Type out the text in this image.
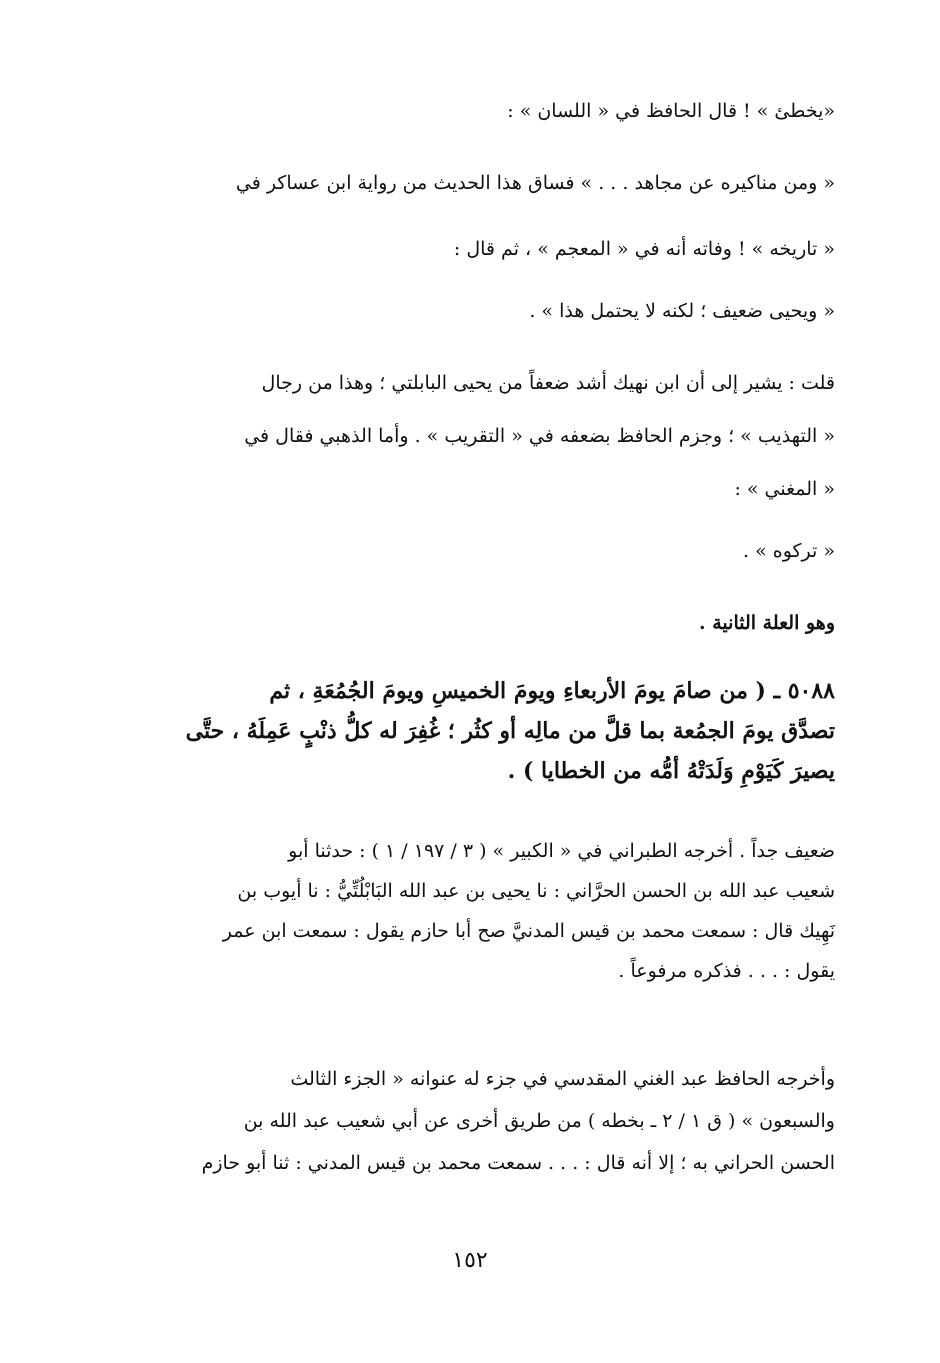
«يخطئ » ! قال الحافظ في « اللسان » :
« ومن مناكيره عن مجاهد . . . » فساق هذا الحديث من رواية ابن عساكر في
« تاريخه » ! وفاته أنه في « المعجم » ، ثم قال :
« ويحيى ضعيف ؛ لكنه لا يحتمل هذا » .
قلت : يشير إلى أن ابن نهيك أشد ضعفاً من يحيى البابلتي ؛ وهذا من رجال
« التهذيب » ؛ وجزم الحافظ بضعفه في « التقريب » . وأما الذهبي فقال في
« المغني » :
« تركوه » .
وهو العلة الثانية .
٥٠٨٨ ـ ( من صامَ يومَ الأربعاءِ ويومَ الخميسِ ويومَ الجُمُعَةِ ، ثم
تصدَّق يومَ الجمُعة بما قلَّ من مالِه أو كثُر ؛ غُفِرَ له كلُّ ذنْبٍ عَمِلَهُ ، حتَّى
يصيرَ كَيَوْمِ وَلَدَتْهُ أمُّه من الخطايا ) .
ضعيف جداً . أخرجه الطبراني في « الكبير » ( ٣ / ١٩٧ / ١ ) : حدثنا أبو
شعيب عبد الله بن الحسن الحرَّاني : نا يحيى بن عبد الله البَابْلُتِّيُّ : نا أيوب بن
نَهِيك قال : سمعت محمد بن قيس المدنيَّ صح أبا حازم يقول : سمعت ابن عمر
يقول : . . . فذكره مرفوعاً .
وأخرجه الحافظ عبد الغني المقدسي في جزء له عنوانه « الجزء الثالث
والسبعون » ( ق ١ / ٢ ـ بخطه ) من طريق أخرى عن أبي شعيب عبد الله بن
الحسن الحراني به ؛ إلا أنه قال : . . . سمعت محمد بن قيس المدني : ثنا أبو حازم
١٥٢
